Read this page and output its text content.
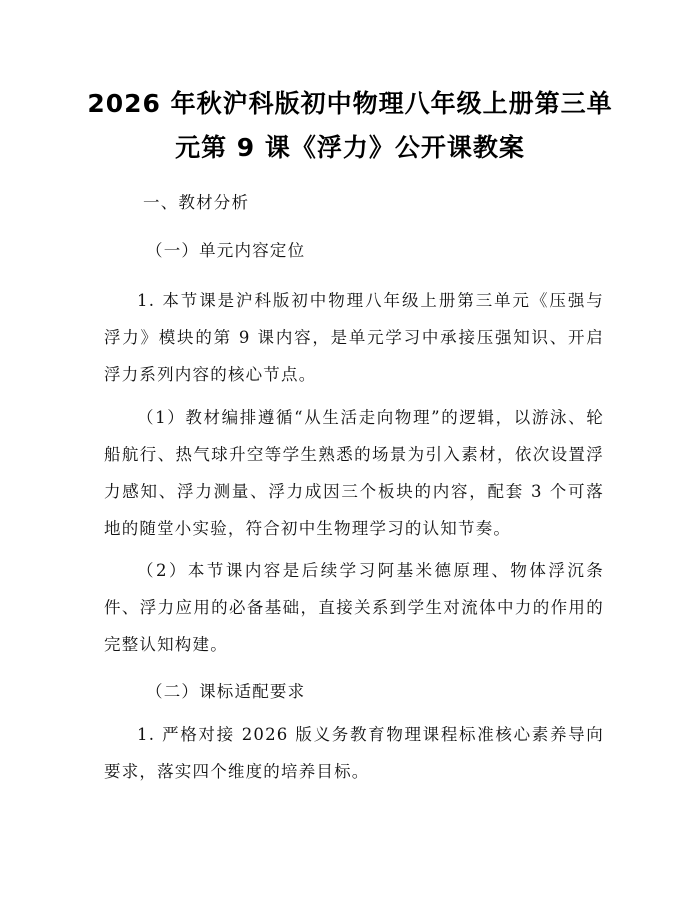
2026 年秋沪科版初中物理八年级上册第三单
元第 9 课《浮力》公开课教案
一、教材分析
（一）单元内容定位
1. 本节课是沪科版初中物理八年级上册第三单元《压强与浮力》模块的第 9 课内容，是单元学习中承接压强知识、开启浮力系列内容的核心节点。
（1）教材编排遵循“从生活走向物理”的逻辑，以游泳、轮船航行、热气球升空等学生熟悉的场景为引入素材，依次设置浮力感知、浮力测量、浮力成因三个板块的内容，配套 3 个可落地的随堂小实验，符合初中生物理学习的认知节奏。
（2）本节课内容是后续学习阿基米德原理、物体浮沉条件、浮力应用的必备基础，直接关系到学生对流体中力的作用的完整认知构建。
（二）课标适配要求
1. 严格对接 2026 版义务教育物理课程标准核心素养导向要求，落实四个维度的培养目标。
